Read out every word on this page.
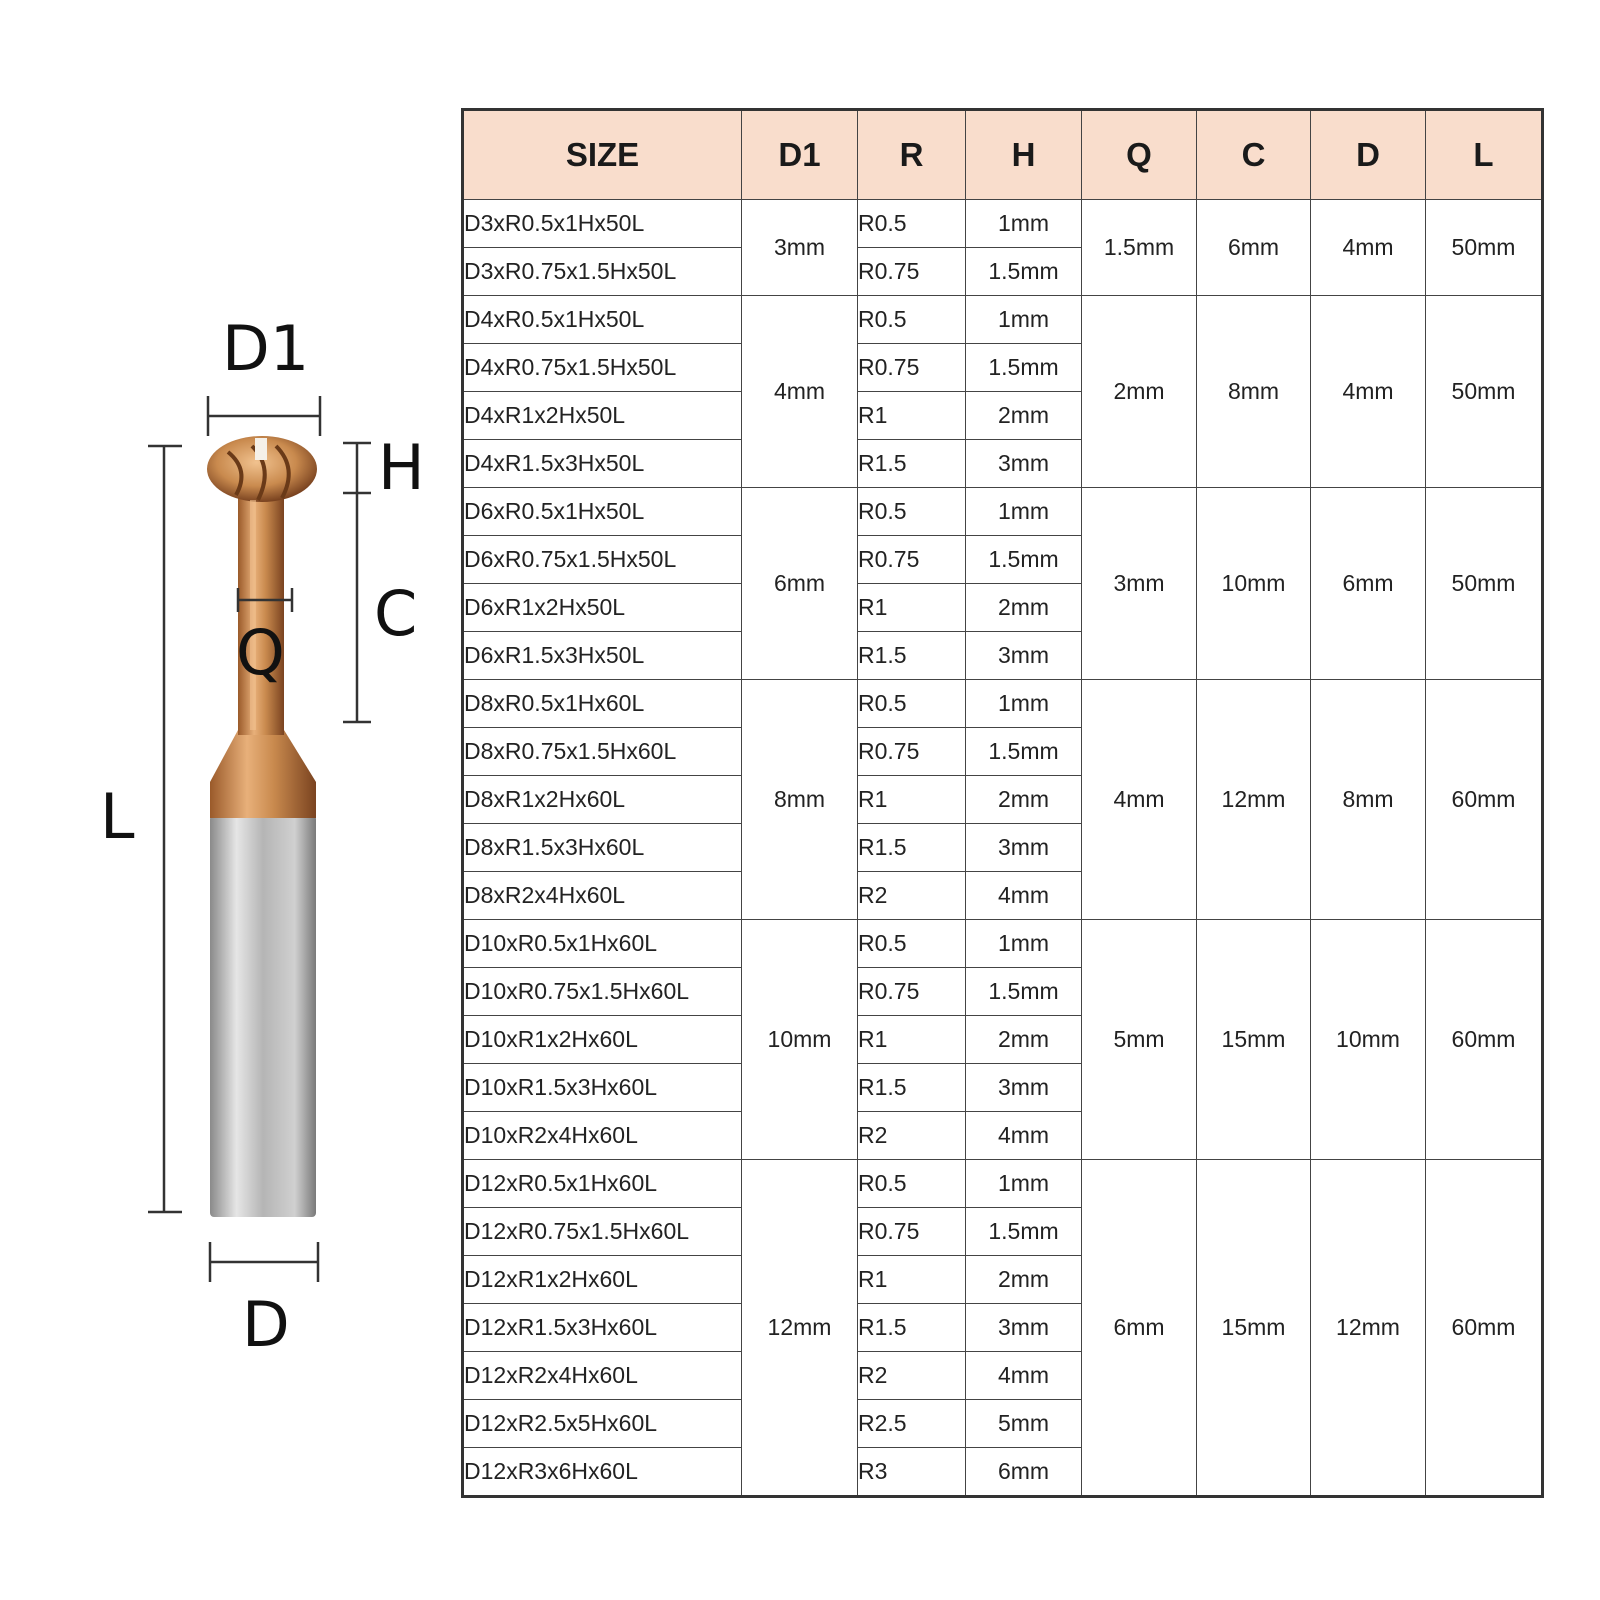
D1
H
C
Q
L
D
SIZE	D1	R	H	Q	C	D	L
D3xR0.5x1Hx50L	3mm	R0.5	1mm	1.5mm	6mm	4mm	50mm
D3xR0.75x1.5Hx50L		R0.75	1.5mm				
D4xR0.5x1Hx50L	4mm	R0.5	1mm	2mm	8mm	4mm	50mm
D4xR0.75x1.5Hx50L		R0.75	1.5mm				
D4xR1x2Hx50L		R1	2mm				
D4xR1.5x3Hx50L		R1.5	3mm				
D6xR0.5x1Hx50L	6mm	R0.5	1mm	3mm	10mm	6mm	50mm
D6xR0.75x1.5Hx50L		R0.75	1.5mm				
D6xR1x2Hx50L		R1	2mm				
D6xR1.5x3Hx50L		R1.5	3mm				
D8xR0.5x1Hx60L	8mm	R0.5	1mm	4mm	12mm	8mm	60mm
D8xR0.75x1.5Hx60L		R0.75	1.5mm				
D8xR1x2Hx60L		R1	2mm				
D8xR1.5x3Hx60L		R1.5	3mm				
D8xR2x4Hx60L		R2	4mm				
D10xR0.5x1Hx60L	10mm	R0.5	1mm	5mm	15mm	10mm	60mm
D10xR0.75x1.5Hx60L		R0.75	1.5mm				
D10xR1x2Hx60L		R1	2mm				
D10xR1.5x3Hx60L		R1.5	3mm				
D10xR2x4Hx60L		R2	4mm				
D12xR0.5x1Hx60L	12mm	R0.5	1mm	6mm	15mm	12mm	60mm
D12xR0.75x1.5Hx60L		R0.75	1.5mm				
D12xR1x2Hx60L		R1	2mm				
D12xR1.5x3Hx60L		R1.5	3mm				
D12xR2x4Hx60L		R2	4mm				
D12xR2.5x5Hx60L		R2.5	5mm				
D12xR3x6Hx60L		R3	6mm				
